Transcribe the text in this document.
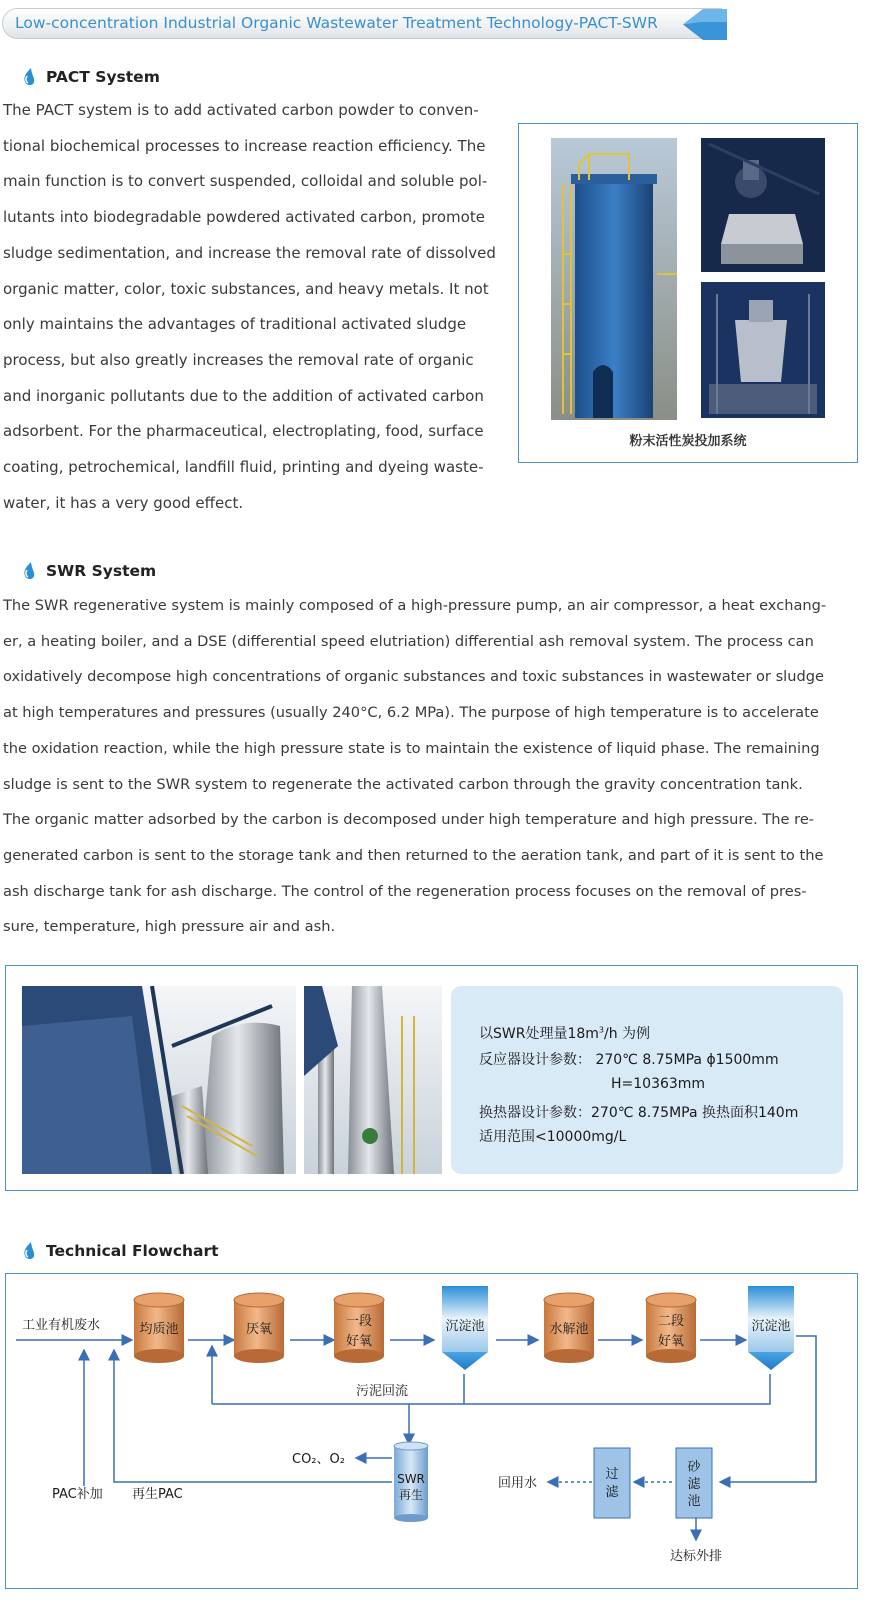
Low-concentration Industrial Organic Wastewater Treatment Technology-PACT-SWR
PACT System
The PACT system is to add activated carbon powder to conven-
tional biochemical processes to increase reaction efficiency. The
main function is to convert suspended, colloidal and soluble pol-
lutants into biodegradable powdered activated carbon, promote
sludge sedimentation, and increase the removal rate of dissolved
organic matter, color, toxic substances, and heavy metals. It not
only maintains the advantages of traditional activated sludge
process, but also greatly increases the removal rate of organic
and inorganic pollutants due to the addition of activated carbon
adsorbent. For the pharmaceutical, electroplating, food, surface
coating, petrochemical, landfill fluid, printing and dyeing waste-
water, it has a very good effect.
粉末活性炭投加系统
SWR System
The SWR regenerative system is mainly composed of a high-pressure pump, an air compressor, a heat exchang-
er, a heating boiler, and a DSE (differential speed elutriation) differential ash removal system. The process can
oxidatively decompose high concentrations of organic substances and toxic substances in wastewater or sludge
at high temperatures and pressures (usually 240°C, 6.2 MPa). The purpose of high temperature is to accelerate
the oxidation reaction, while the high pressure state is to maintain the existence of liquid phase. The remaining
sludge is sent to the SWR system to regenerate the activated carbon through the gravity concentration tank.
The organic matter adsorbed by the carbon is decomposed under high temperature and high pressure. The re-
generated carbon is sent to the storage tank and then returned to the aeration tank, and part of it is sent to the
ash discharge tank for ash discharge. The control of the regeneration process focuses on the removal of pres-
sure, temperature, high pressure air and ash.
以SWR处理量$18m^3/h$ 为例
反应器设计参数： 270℃ 8.75MPa ϕ1500mm
H=10363mm
换热器设计参数：270℃ 8.75MPa 换热面积140m
适用范围<10000mg/L
Technical Flowchart
工业有机废水	均质池	厌氧
一段
好氧
沉淀池	水解池
二段
好氧
沉淀池
污泥回流
CO₂、O₂
SWR
再生
PAC补加 再生PAC
回用水
过
滤
砂
滤
池
达标外排
